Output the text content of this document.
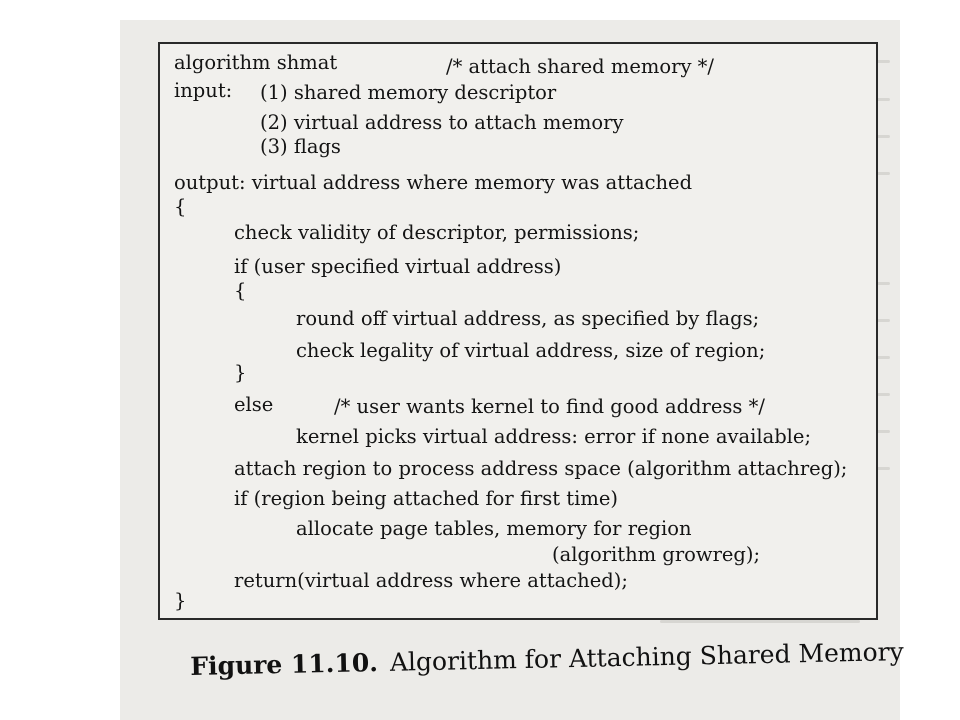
algorithm shmat	/* attach shared memory */
input: (1) shared memory descriptor
(2) virtual address to attach memory
(3) flags
output: virtual address where memory was attached
{
check validity of descriptor, permissions;
if (user specified virtual address)
{
round off virtual address, as specified by flags;
check legality of virtual address, size of region;
}
else	/* user wants kernel to find good address */
kernel picks virtual address: error if none available;
attach region to process address space (algorithm attachreg);
if (region being attached for first time)
allocate page tables, memory for region
(algorithm growreg);
return(virtual address where attached);
}
Figure 11.10. Algorithm for Attaching Shared Memory
